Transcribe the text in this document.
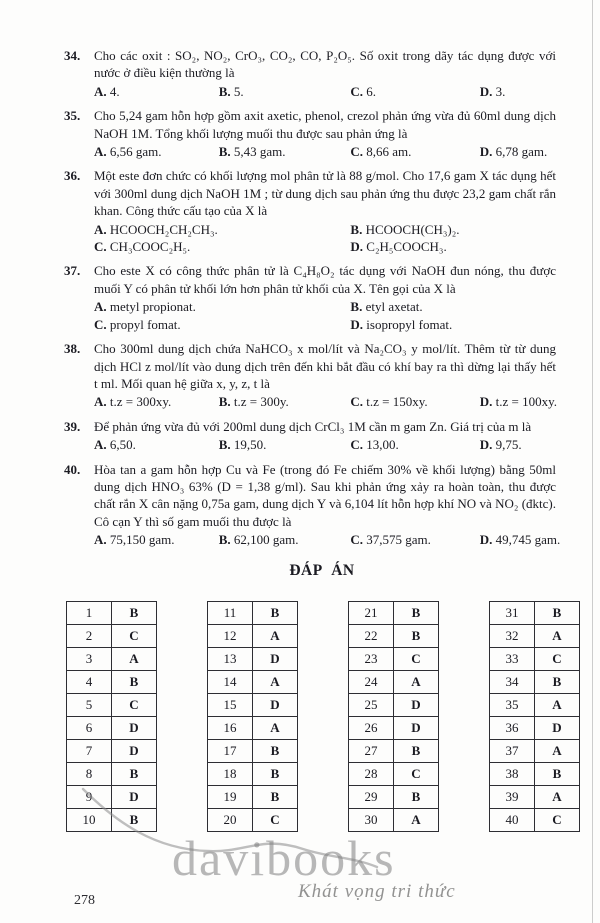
34.	Cho các oxit : SO₂, NO₂, CrO₃, CO₂, CO, P₂O₅. Số oxit trong dãy tác dụng được với nước ở điều kiện thường là

A. 4.	B. 5.	C. 6.	D. 3.
35.	Cho 5,24 gam hỗn hợp gồm axit axetic, phenol, crezol phản ứng vừa đủ 60ml dung dịch NaOH 1M. Tổng khối lượng muối thu được sau phản ứng là

A. 6,56 gam.	B. 5,43 gam.	C. 8,66 am.	D. 6,78 gam.
36.	Một este đơn chức có khối lượng mol phân tử là 88 g/mol. Cho 17,6 gam X tác dụng hết với 300ml dung dịch NaOH 1M ; từ dung dịch sau phản ứng thu được 23,2 gam chất rắn khan. Công thức cấu tạo của X là

A. HCOOCH₂CH₂CH₃.	B. HCOOCH(CH₃)₂.
C. CH₃COOC₂H₅.	D. C₂H₅COOCH₃.
37.	Cho este X có công thức phân tử là C₄H₈O₂ tác dụng với NaOH đun nóng, thu được muối Y có phân tử khối lớn hơn phân tử khối của X. Tên gọi của X là

A. metyl propionat.	B. etyl axetat.
C. propyl fomat.	D. isopropyl fomat.
38.	Cho 300ml dung dịch chứa NaHCO₃ x mol/lít và Na₂CO₃ y mol/lít. Thêm từ từ dung dịch HCl z mol/lít vào dung dịch trên đến khi bắt đầu có khí bay ra thì dừng lại thấy hết t ml. Mối quan hệ giữa x, y, z, t là

A. t.z = 300xy.	B. t.z = 300y.	C. t.z = 150xy.	D. t.z = 100xy.
39.	Để phản ứng vừa đủ với 200ml dung dịch CrCl₃ 1M cần m gam Zn. Giá trị của m là

A. 6,50.	B. 19,50.	C. 13,00.	D. 9,75.
40.	Hòa tan a gam hỗn hợp Cu và Fe (trong đó Fe chiếm 30% về khối lượng) bằng 50ml dung dịch HNO₃ 63% (D = 1,38 g/ml). Sau khi phản ứng xảy ra hoàn toàn, thu được chất rắn X cân nặng 0,75a gam, dung dịch Y và 6,104 lít hỗn hợp khí NO và NO₂ (đktc). Cô cạn Y thì số gam muối thu được là

A. 75,150 gam.	B. 62,100 gam.	C. 37,575 gam.	D. 49,745 gam.
ĐÁP ÁN
1	B
2	C
3	A
4	B
5	C
6	D
7	D
8	B
9	D
10	B
11	B
12	A
13	D
14	A
15	D
16	A
17	B
18	B
19	B
20	C
21	B
22	B
23	C
24	A
25	D
26	D
27	B
28	C
29	B
30	A
31	B
32	A
33	C
34	B
35	A
36	D
37	A
38	B
39	A
40	C
davibooks
Khát vọng tri thức
278
